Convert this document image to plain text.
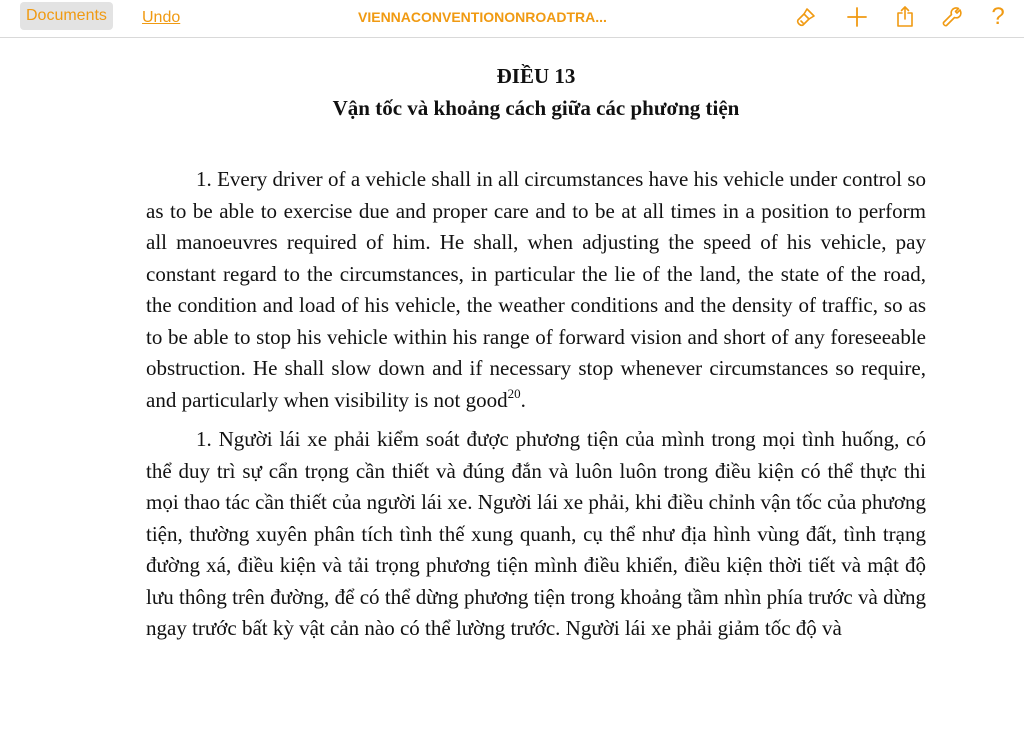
Documents	Undo	VIENNACONVENTIONONROADTRA...	?

ĐIỀU 13

Vận tốc và khoảng cách giữa các phương tiện

1. Every driver of a vehicle shall in all circumstances have his vehicle under control so as to be able to exercise due and proper care and to be at all times in a position to perform all manoeuvres required of him. He shall, when adjusting the speed of his vehicle, pay constant regard to the circumstances, in particular the lie of the land, the state of the road, the condition and load of his vehicle, the weather conditions and the density of traffic, so as to be able to stop his vehicle within his range of forward vision and short of any foreseeable obstruction. He shall slow down and if necessary stop whenever circumstances so require, and particularly when visibility is not good$^{20}$.

1. Người lái xe phải kiểm soát được phương tiện của mình trong mọi tình huống, có thể duy trì sự cẩn trọng cần thiết và đúng đắn và luôn luôn trong điều kiện có thể thực thi mọi thao tác cần thiết của người lái xe. Người lái xe phải, khi điều chỉnh vận tốc của phương tiện, thường xuyên phân tích tình thế xung quanh, cụ thể như địa hình vùng đất, tình trạng đường xá, điều kiện và tải trọng phương tiện mình điều khiển, điều kiện thời tiết và mật độ lưu thông trên đường, để có thể dừng phương tiện trong khoảng tầm nhìn phía trước và dừng ngay trước bất kỳ vật cản nào có thể lường trước. Người lái xe phải giảm tốc độ và
